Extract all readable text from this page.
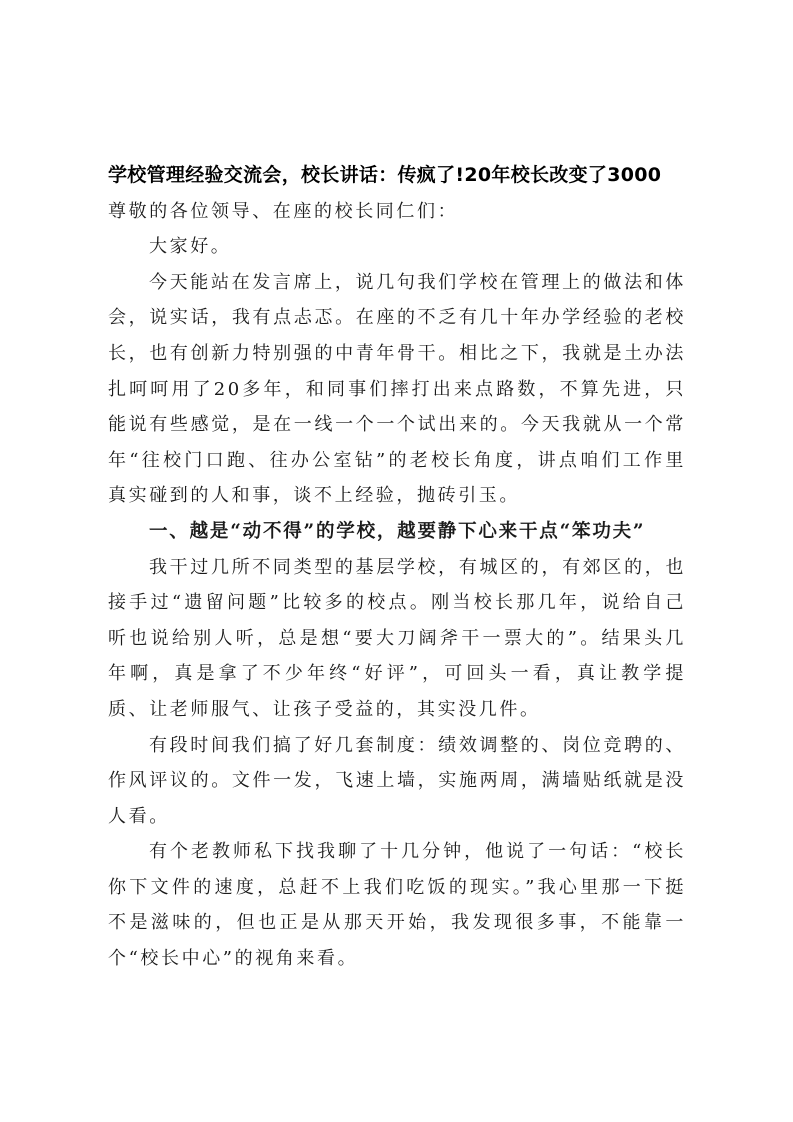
学校管理经验交流会，校长讲话：传疯了!20年校长改变了3000

尊敬的各位领导、在座的校长同仁们：

大家好。

今天能站在发言席上，说几句我们学校在管理上的做法和体会，说实话，我有点忐忑。在座的不乏有几十年办学经验的老校长，也有创新力特别强的中青年骨干。相比之下，我就是土办法扎呵呵用了20多年，和同事们摔打出来点路数，不算先进，只能说有些感觉，是在一线一个一个试出来的。今天我就从一个常年“往校门口跑、往办公室钻”的老校长角度，讲点咱们工作里真实碰到的人和事，谈不上经验，抛砖引玉。

一、越是“动不得”的学校，越要静下心来干点“笨功夫”

我干过几所不同类型的基层学校，有城区的，有郊区的，也接手过“遗留问题”比较多的校点。刚当校长那几年，说给自己听也说给别人听，总是想“要大刀阔斧干一票大的”。结果头几年啊，真是拿了不少年终“好评”，可回头一看，真让教学提质、让老师服气、让孩子受益的，其实没几件。

有段时间我们搞了好几套制度：绩效调整的、岗位竞聘的、作风评议的。文件一发，飞速上墙，实施两周，满墙贴纸就是没人看。

有个老教师私下找我聊了十几分钟，他说了一句话：“校长你下文件的速度，总赶不上我们吃饭的现实。”我心里那一下挺不是滋味的，但也正是从那天开始，我发现很多事，不能靠一个“校长中心”的视角来看。
